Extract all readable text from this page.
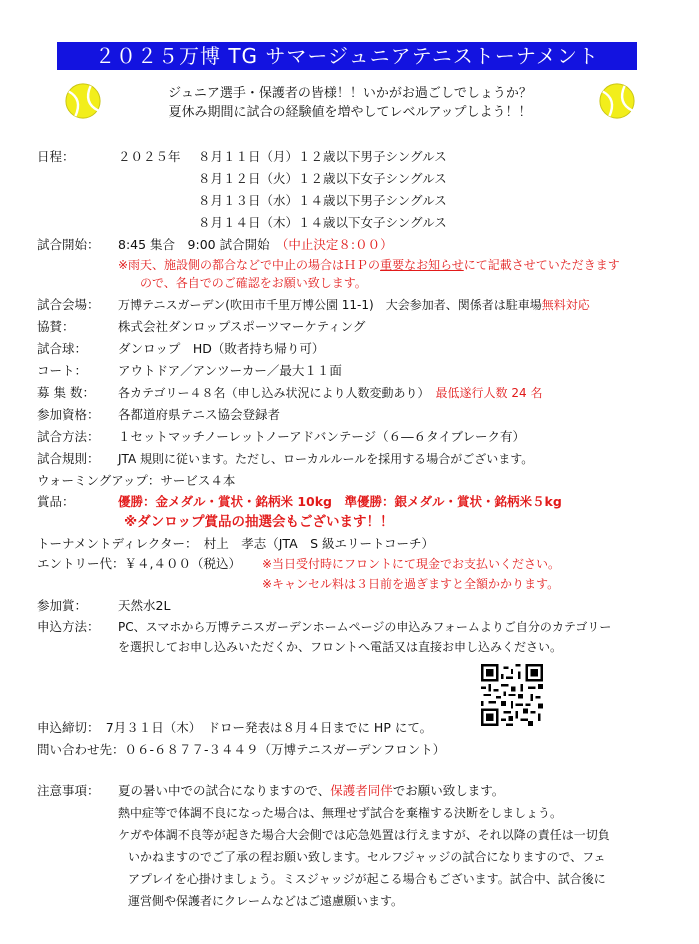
２０２５万博 TG サマージュニアテニストーナメント
ジュニア選手・保護者の皆様！！いかがお過ごしでしょうか？
夏休み期間に試合の経験値を増やしてレベルアップしよう！！
日程：	２０２５年 ８月１１日（月）１２歳以下男子シングルス
８月１２日（火）１２歳以下女子シングルス
８月１３日（水）１４歳以下男子シングルス
８月１４日（木）１４歳以下女子シングルス
試合開始： 8:45 集合　9:00 試合開始　 （中止決定８:００）
※雨天、施設側の都合などで中止の場合はＨＰの重要なお知らせにて記載させていただきます
ので、各自でのご確認をお願い致します。
試合会場： 万博テニスガーデン(吹田市千里万博公園 11-1)　大会参加者、関係者は駐車場無料対応
協賛：	株式会社ダンロップスポーツマーケティング
試合球： ダンロップ　HD（敗者持ち帰り可）
コート： アウトドア／アンツーカー／最大１１面
募 集 数： 各カテゴリー４８名（申し込み状況により人数変動あり）　 最低遂行人数 24 名
参加資格： 各都道府県テニス協会登録者
試合方法： １セットマッチノーレットノーアドバンテージ（６―６タイブレーク有）
試合規則： JTA 規則に従います。ただし、ローカルルールを採用する場合がございます。
ウォーミングアップ：サービス４本
賞品：	優勝：金メダル・賞状・銘柄米 10kg　準優勝：銀メダル・賞状・銘柄米５kg
※ダンロップ賞品の抽選会もございます！！
トーナメントディレクター：　村上　孝志（JTA　S 級エリートコーチ）
エントリー代：￥４,４００（税込） ※当日受付時にフロントにて現金でお支払いください。
※キャンセル料は３日前を過ぎますと全額かかります。
参加賞： 天然水2L
申込方法： PC、スマホから万博テニスガーデンホームページの申込みフォームよりご自分のカテゴリー
を選択してお申し込みいただくか、フロントへ電話又は直接お申し込みください。
申込締切：　7月３１日（木）　ドロー発表は８月４日までに HP にて。
問い合わせ先：０６-６８７７-３４４９（万博テニスガーデンフロント）
注意事項： 夏の暑い中での試合になりますので、保護者同伴でお願い致します。
熱中症等で体調不良になった場合は、無理せず試合を棄権する決断をしましょう。
ケガや体調不良等が起きた場合大会側では応急処置は行えますが、それ以降の責任は一切負
いかねますのでご了承の程お願い致します。セルフジャッジの試合になりますので、フェ
アプレイを心掛けましょう。ミスジャッジが起こる場合もございます。試合中、試合後に
運営側や保護者にクレームなどはご遠慮願います。
